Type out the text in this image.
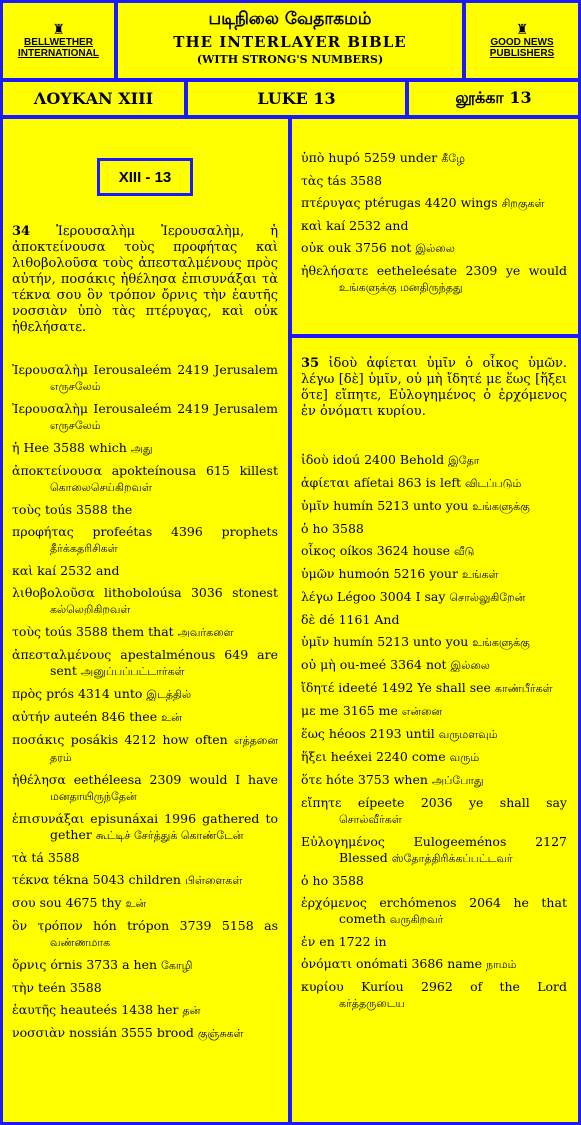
♜
BELLWETHER
INTERNATIONAL
படிநிலை வேதாகமம்
THE INTERLAYER BIBLE
(WITH STRONG'S NUMBERS)
♜
GOOD NEWS
PUBLISHERS
ΛΟΥΚΑΝ XIII	LUKE 13	லூக்கா 13
XIII - 13
34 Ἰερουσαλὴμ Ἰερουσαλὴμ, ἡ ἀποκτείνουσα τοὺς προφήτας καὶ λιθοβολοῦσα τοὺς ἀπεσταλμένους πρὸς αὐτήν, ποσάκις ἠθέλησα ἐπισυνάξαι τὰ τέκνα σου ὃν τρόπον ὄρνις τὴν ἑαυτῆς νοσσιὰν ὑπὸ τὰς πτέρυγας, καὶ οὐκ ἠθελήσατε.
Ἰερουσαλὴμ Ierousaleém 2419 Jerusalem எருசலேம்
Ἰερουσαλὴμ Ierousaleém 2419 Jerusalem எருசலேம்
ἡ Hee 3588 which அது
ἀποκτείνουσα apokteínousa 615 killest கொலைசெய்கிறவள்
τοὺς toús 3588 the
προφήτας profeétas 4396 prophets தீர்க்கதரிசிகள்
καὶ kaí 2532 and
λιθοβολοῦσα lithoboloúsa 3036 stonest கல்லெறிகிறவள்
τοὺς toús 3588 them that அவர்களை
ἀπεσταλμένους apestalménous 649 are sent அனுப்பப்பட்டார்கள்
πρὸς prós 4314 unto இடத்தில்
αὐτήν auteén 846 thee உன்
ποσάκις posákis 4212 how often எத்தனை தரம்
ἠθέλησα eethéleesa 2309 would I have மனதாயிருந்தேன்
ἐπισυνάξαι episunáxai 1996 gathered to gether கூட்டிச் சேர்த்துக் கொண்டேன்
τὰ tá 3588
τέκνα tékna 5043 children பிள்ளைகள்
σου sou 4675 thy உன்
ὃν τρόπον hón trópon 3739 5158 as வண்ணமாக
ὄρνις órnis 3733 a hen கோழி
τὴν teén 3588
ἑαυτῆς heauteés 1438 her தன்
νοσσιὰν nossián 3555 brood குஞ்சுகள்
ὑπὸ hupó 5259 under கீழே
τὰς tás 3588
πτέρυγας ptérugas 4420 wings சிறகுகள்
καὶ kaí 2532 and
οὐκ ouk 3756 not இல்லை
ἠθελήσατε eetheleésate 2309 ye would உங்களுக்கு மனதிருந்தது
35 ἰδοὺ ἀφίεται ὑμῖν ὁ οἶκος ὑμῶν. λέγω [δὲ] ὑμῖν, οὐ μὴ ἴδητέ με ἕως [ἥξει ὅτε] εἴπητε, Εὐλογημένος ὁ ἐρχόμενος ἐν ὀνόματι κυρίου.
ἰδοὺ idoú 2400 Behold இதோ
ἀφίεται afíetai 863 is left விடப்படும்
ὑμῖν humín 5213 unto you உங்களுக்கு
ὁ ho 3588
οἶκος oíkos 3624 house வீடு
ὑμῶν humoón 5216 your உங்கள்
λέγω Légoo 3004 I say சொல்லுகிறேன்
δὲ dé 1161 And
ὑμῖν humín 5213 unto you உங்களுக்கு
οὐ μὴ ou-meé 3364 not இல்லை
ἴδητέ ideeté 1492 Ye shall see காண்பீர்கள்
με me 3165 me என்னை
ἕως héoos 2193 until வருமளவும்
ἥξει heéxei 2240 come வரும்
ὅτε hóte 3753 when அப்போது
εἴπητε eípeete 2036 ye shall say சொல்வீர்கள்
Εὐλογημένος Eulogeeménos 2127 Blessed ஸ்தோத்திரிக்கப்பட்டவர்
ὁ ho 3588
ἐρχόμενος erchómenos 2064 he that cometh வருகிறவர்
ἐν en 1722 in
ὀνόματι onómati 3686 name நாமம்
κυρίου Kuríou 2962 of the Lord கர்த்தருடைய
